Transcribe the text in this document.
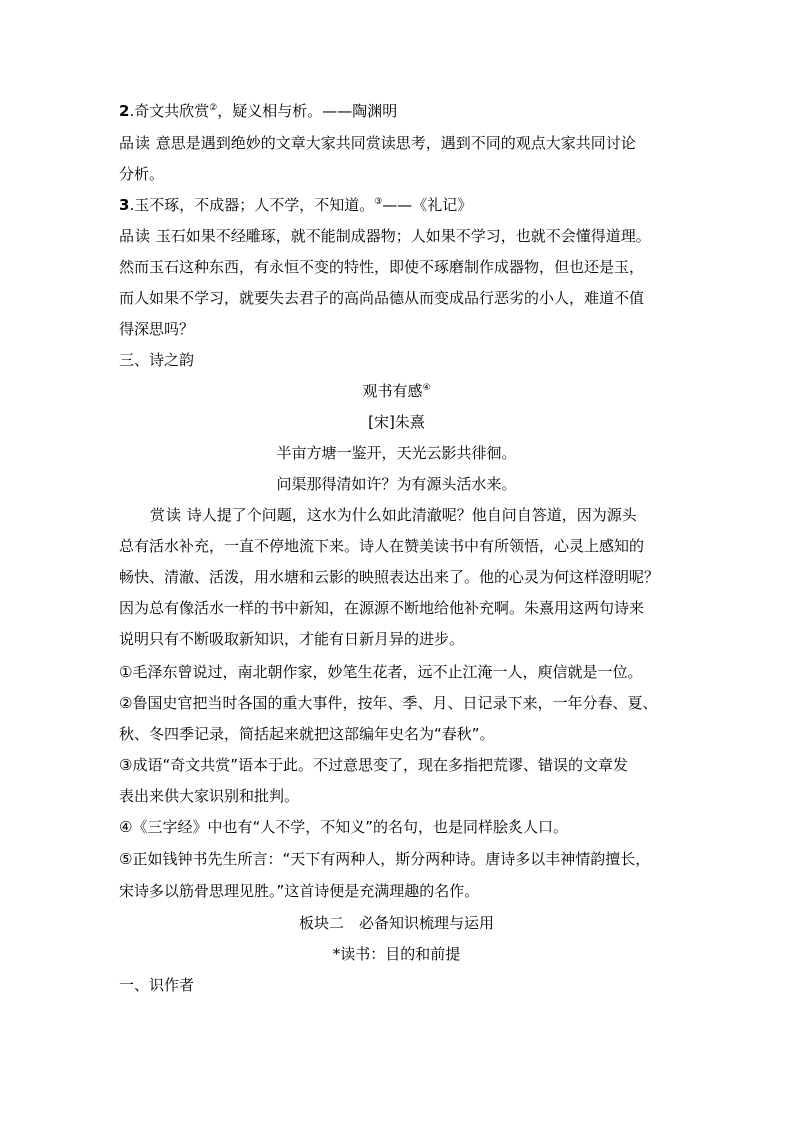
2.奇文共欣赏②，疑义相与析。——陶渊明
品读 意思是遇到绝妙的文章大家共同赏读思考，遇到不同的观点大家共同讨论
分析。
3.玉不琢，不成器；人不学，不知道。③——《礼记》
品读 玉石如果不经雕琢，就不能制成器物；人如果不学习，也就不会懂得道理。
然而玉石这种东西，有永恒不变的特性，即使不琢磨制作成器物，但也还是玉，
而人如果不学习，就要失去君子的高尚品德从而变成品行恶劣的小人，难道不值
得深思吗？
三、诗之韵
观书有感④
[宋]朱熹
半亩方塘一鉴开，天光云影共徘徊。
问渠那得清如许？为有源头活水来。
赏读 诗人提了个问题，这水为什么如此清澈呢？他自问自答道，因为源头
总有活水补充，一直不停地流下来。诗人在赞美读书中有所领悟，心灵上感知的
畅快、清澈、活泼，用水塘和云影的映照表达出来了。他的心灵为何这样澄明呢？
因为总有像活水一样的书中新知，在源源不断地给他补充啊。朱熹用这两句诗来
说明只有不断吸取新知识，才能有日新月异的进步。
①毛泽东曾说过，南北朝作家，妙笔生花者，远不止江淹一人，庾信就是一位。
②鲁国史官把当时各国的重大事件，按年、季、月、日记录下来，一年分春、夏、
秋、冬四季记录，简括起来就把这部编年史名为“春秋”。
③成语“奇文共赏”语本于此。不过意思变了，现在多指把荒谬、错误的文章发
表出来供大家识别和批判。
④《三字经》中也有“人不学，不知义”的名句，也是同样脍炙人口。
⑤正如钱钟书先生所言：“天下有两种人，斯分两种诗。唐诗多以丰神情韵擅长，
宋诗多以筋骨思理见胜。”这首诗便是充满理趣的名作。
板块二　必备知识梳理与运用
*读书：目的和前提
一、识作者
